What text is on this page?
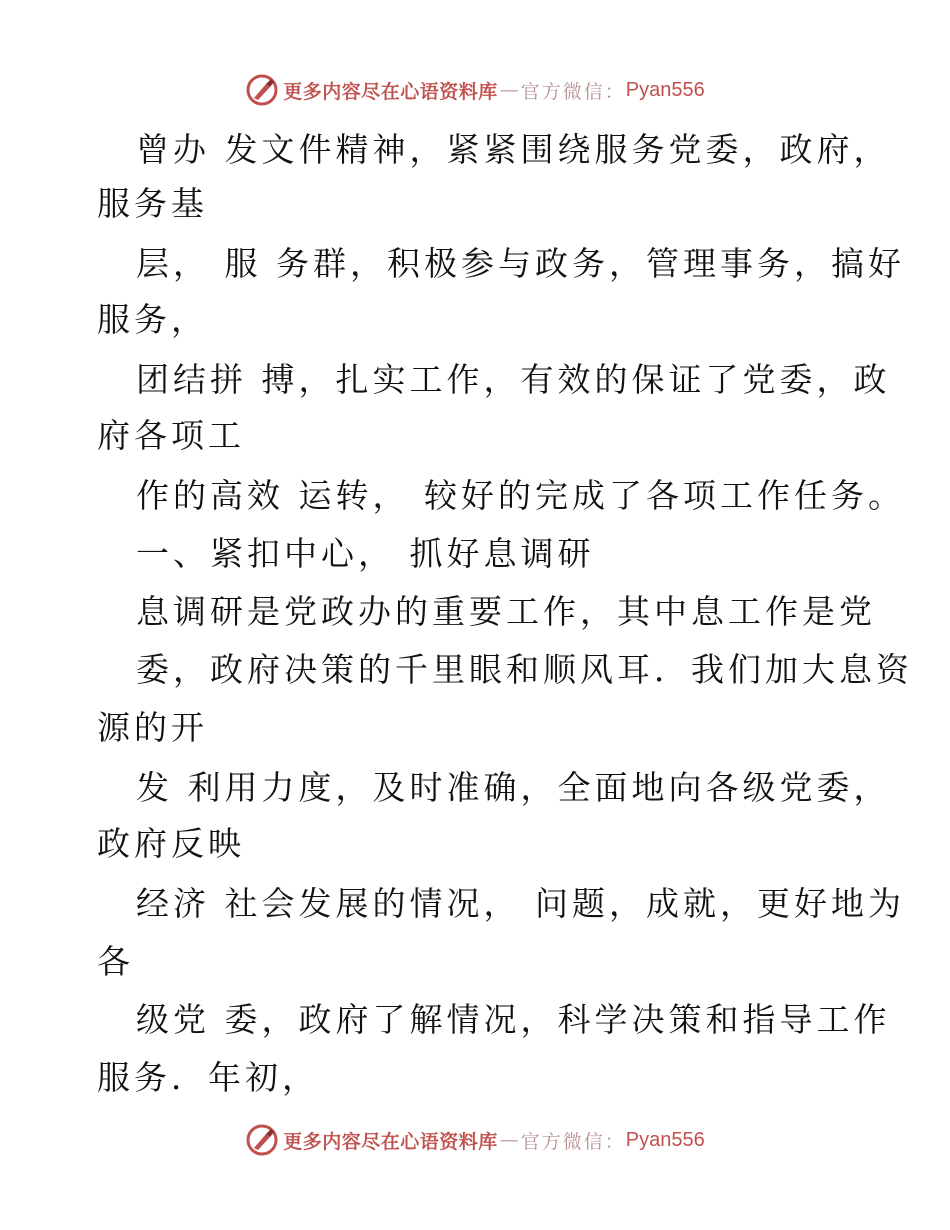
更多内容尽在心语资料库 — 官方微信： Pyan556

曾办 发文件精神，紧紧围绕服务党委，政府，

服务基

层， 服 务群，积极参与政务，管理事务，搞好

服务，

团结拼 搏，扎实工作，有效的保证了党委，政

府各项工

作的高效 运转， 较好的完成了各项工作任务。

一、紧扣中心， 抓好息调研

息调研是党政办的重要工作，其中息工作是党

委，政府决策的千里眼和顺风耳．我们加大息资

源的开

发 利用力度，及时准确，全面地向各级党委，

政府反映

经济 社会发展的情况， 问题，成就，更好地为

各

级党 委，政府了解情况，科学决策和指导工作

服务．年初，

更多内容尽在心语资料库 — 官方微信： Pyan556
